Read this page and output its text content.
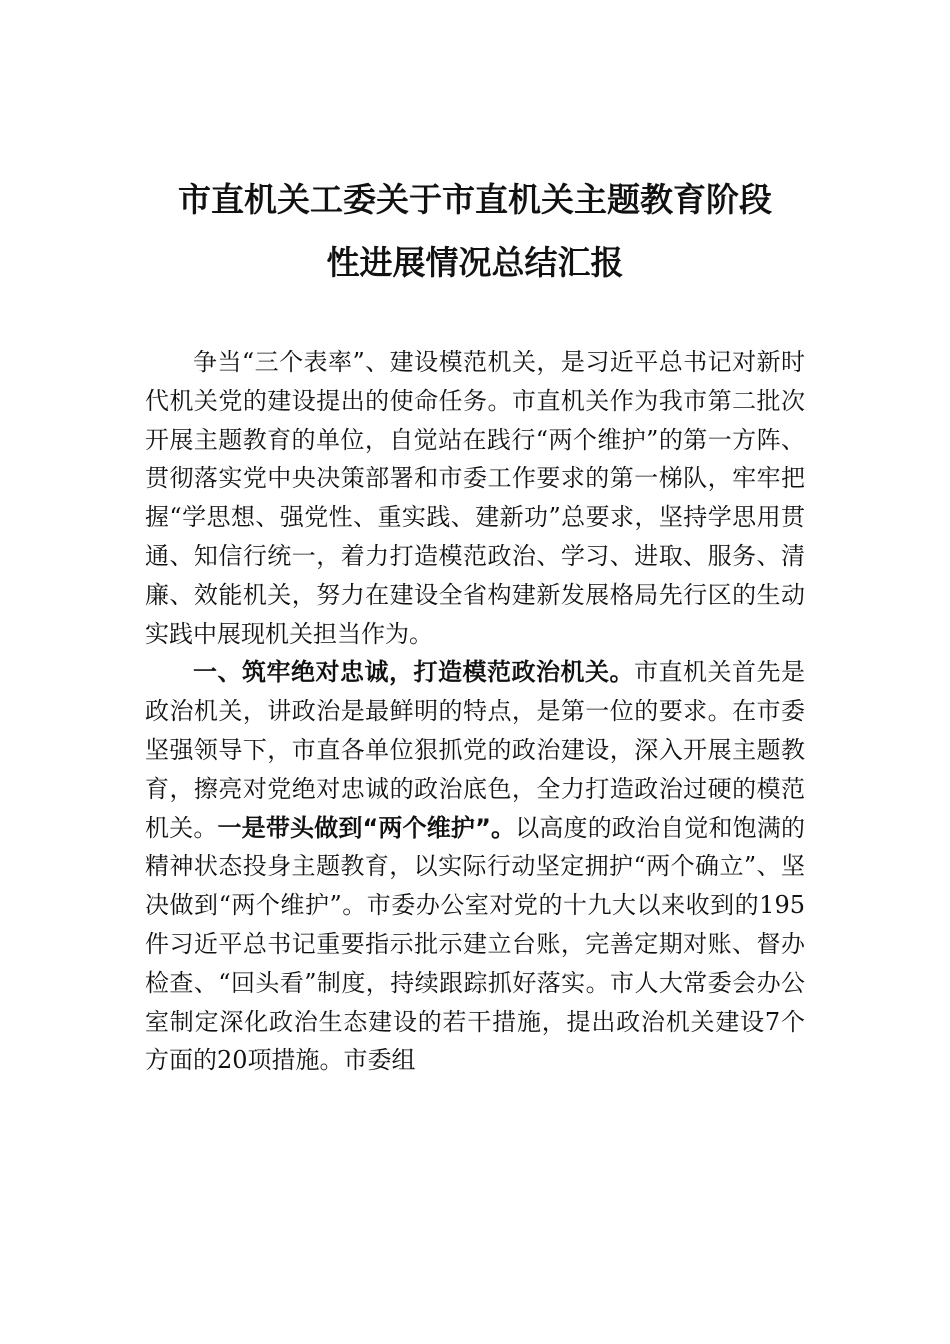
市直机关工委关于市直机关主题教育阶段
性进展情况总结汇报

争当“三个表率”、建设模范机关，是习近平总书记对新时代机关党的建设提出的使命任务。市直机关作为我市第二批次开展主题教育的单位，自觉站在践行“两个维护”的第一方阵、贯彻落实党中央决策部署和市委工作要求的第一梯队，牢牢把握“学思想、强党性、重实践、建新功”总要求，坚持学思用贯通、知信行统一，着力打造模范政治、学习、进取、服务、清廉、效能机关，努力在建设全省构建新发展格局先行区的生动实践中展现机关担当作为。

一、筑牢绝对忠诚，打造模范政治机关。市直机关首先是政治机关，讲政治是最鲜明的特点，是第一位的要求。在市委坚强领导下，市直各单位狠抓党的政治建设，深入开展主题教育，擦亮对党绝对忠诚的政治底色，全力打造政治过硬的模范机关。一是带头做到“两个维护”。以高度的政治自觉和饱满的精神状态投身主题教育，以实际行动坚定拥护“两个确立”、坚决做到“两个维护”。市委办公室对党的十九大以来收到的195件习近平总书记重要指示批示建立台账，完善定期对账、督办检查、“回头看”制度，持续跟踪抓好落实。市人大常委会办公室制定深化政治生态建设的若干措施，提出政治机关建设7个方面的20项措施。市委组
